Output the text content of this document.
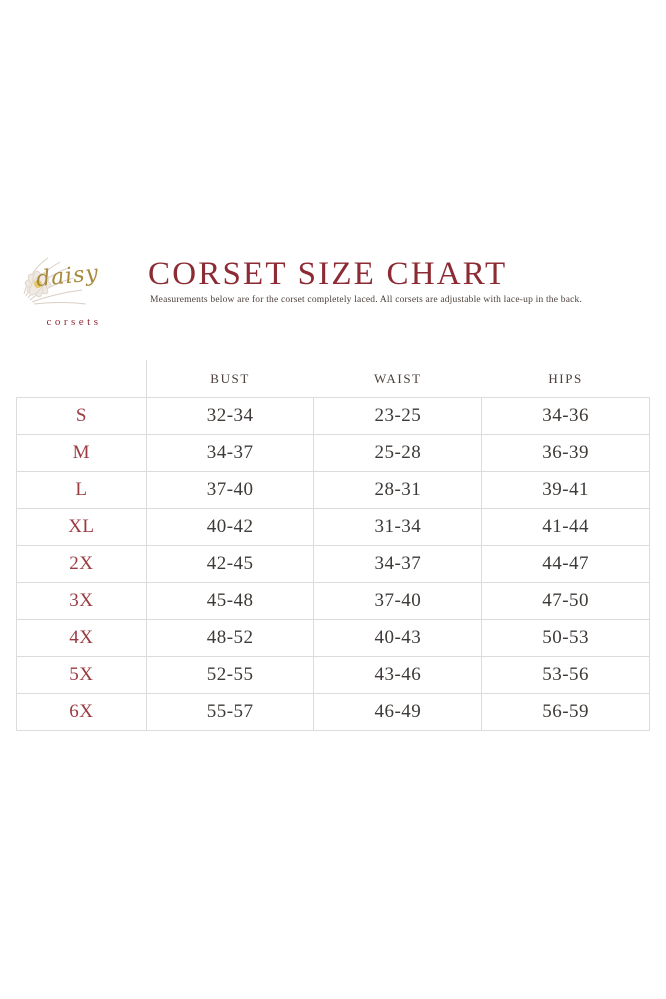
daisy
corsets
CORSET SIZE CHART

Measurements below are for the corset completely laced. All corsets are adjustable with lace-up in the back.

	BUST	WAIST	HIPS
S	32-34	23-25	34-36
M	34-37	25-28	36-39
L	37-40	28-31	39-41
XL	40-42	31-34	41-44
2X	42-45	34-37	44-47
3X	45-48	37-40	47-50
4X	48-52	40-43	50-53
5X	52-55	43-46	53-56
6X	55-57	46-49	56-59
